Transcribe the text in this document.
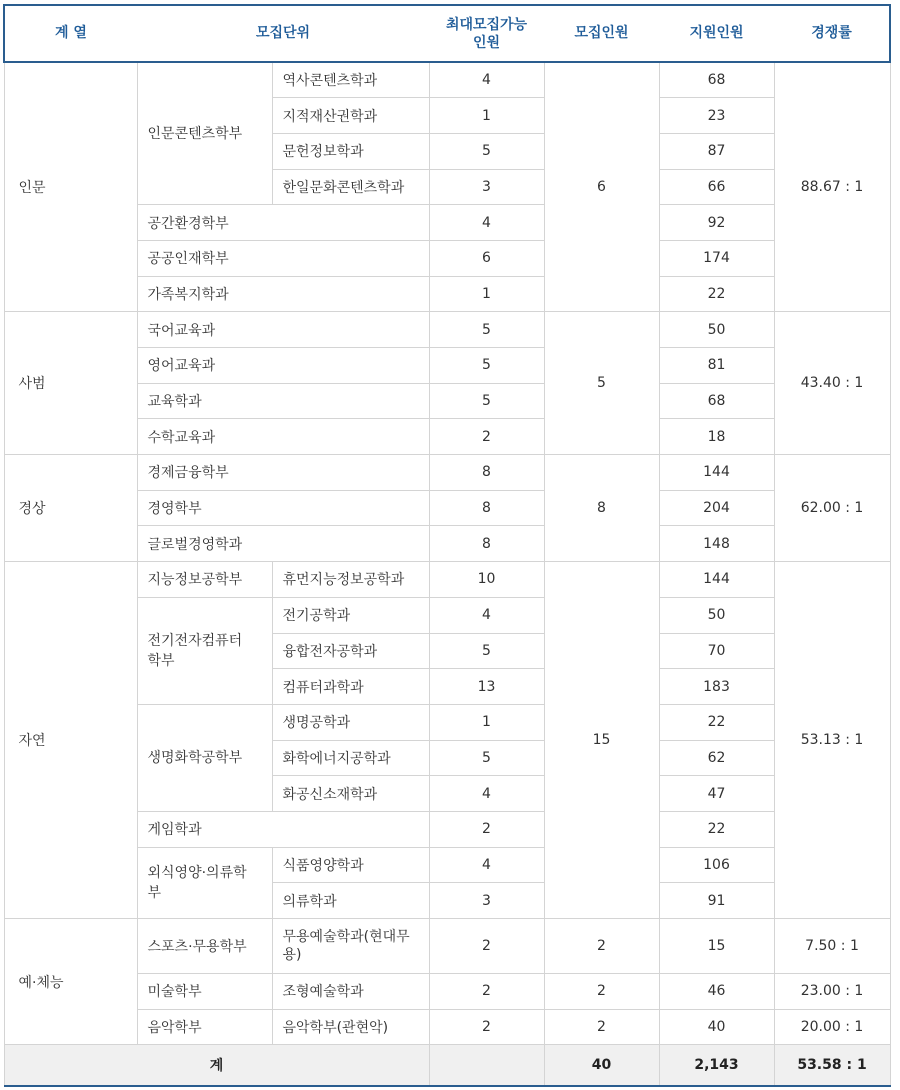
계 열	모집단위		최대모집가능인원	모집인원	지원인원	경쟁률
인문	인문콘텐츠학부	역사콘텐츠학과	4	6	68	88.67 : 1
		지적재산권학과	1		23	
		문헌정보학과	5		87	
		한일문화콘텐츠학과	3		66	
	공간환경학부		4		92	
	공공인재학부		6		174	
	가족복지학과		1		22	
사범	국어교육과		5	5	50	43.40 : 1
	영어교육과		5		81	
	교육학과		5		68	
	수학교육과		2		18	
경상	경제금융학부		8	8	144	62.00 : 1
	경영학부		8		204	
	글로벌경영학과		8		148	
자연	지능정보공학부	휴먼지능정보공학과	10	15	144	53.13 : 1
	전기전자컴퓨터학부	전기공학과	4		50	
		융합전자공학과	5		70	
		컴퓨터과학과	13		183	
	생명화학공학부	생명공학과	1		22	
		화학에너지공학과	5		62	
		화공신소재학과	4		47	
	게임학과		2		22	
	외식영양·의류학부	식품영양학과	4		106	
		의류학과	3		91	
예·체능	스포츠·무용학부	무용예술학과(현대무용)	2	2	15	7.50 : 1
	미술학부	조형예술학과	2	2	46	23.00 : 1
	음악학부	음악학부(관현악)	2	2	40	20.00 : 1
계				40	2,143	53.58 : 1
